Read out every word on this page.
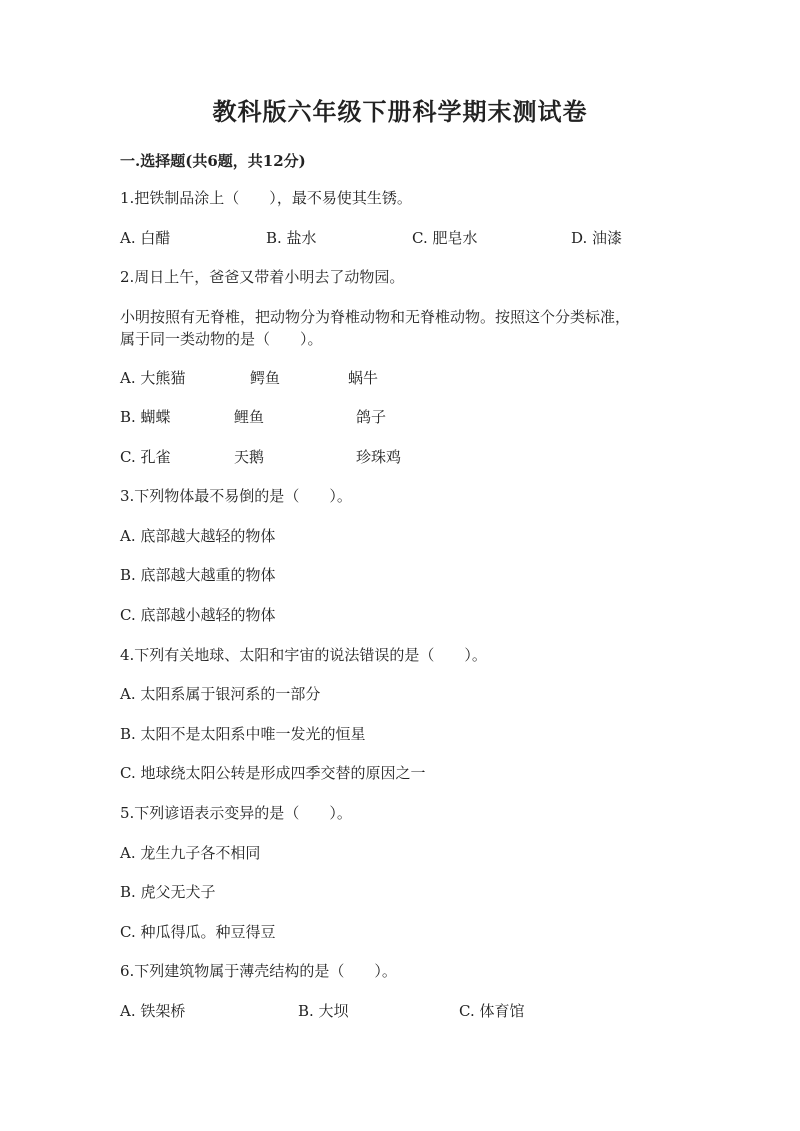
教科版六年级下册科学期末测试卷
一.选择题(共6题，共12分)
1.把铁制品涂上（　　），最不易使其生锈。
A. 白醋	B. 盐水	C. 肥皂水	D. 油漆
2.周日上午，爸爸又带着小明去了动物园。
小明按照有无脊椎，把动物分为脊椎动物和无脊椎动物。按照这个分类标准，
属于同一类动物的是（　　）。
A. 大熊猫	鳄鱼	蜗牛
B. 蝴蝶	鲤鱼	鸽子
C. 孔雀	天鹅	珍珠鸡
3.下列物体最不易倒的是（　　）。
A. 底部越大越轻的物体
B. 底部越大越重的物体
C. 底部越小越轻的物体
4.下列有关地球、太阳和宇宙的说法错误的是（　　）。
A. 太阳系属于银河系的一部分
B. 太阳不是太阳系中唯一发光的恒星
C. 地球绕太阳公转是形成四季交替的原因之一
5.下列谚语表示变异的是（　　）。
A. 龙生九子各不相同
B. 虎父无犬子
C. 种瓜得瓜。种豆得豆
6.下列建筑物属于薄壳结构的是（　　）。
A. 铁架桥	B. 大坝	C. 体育馆
